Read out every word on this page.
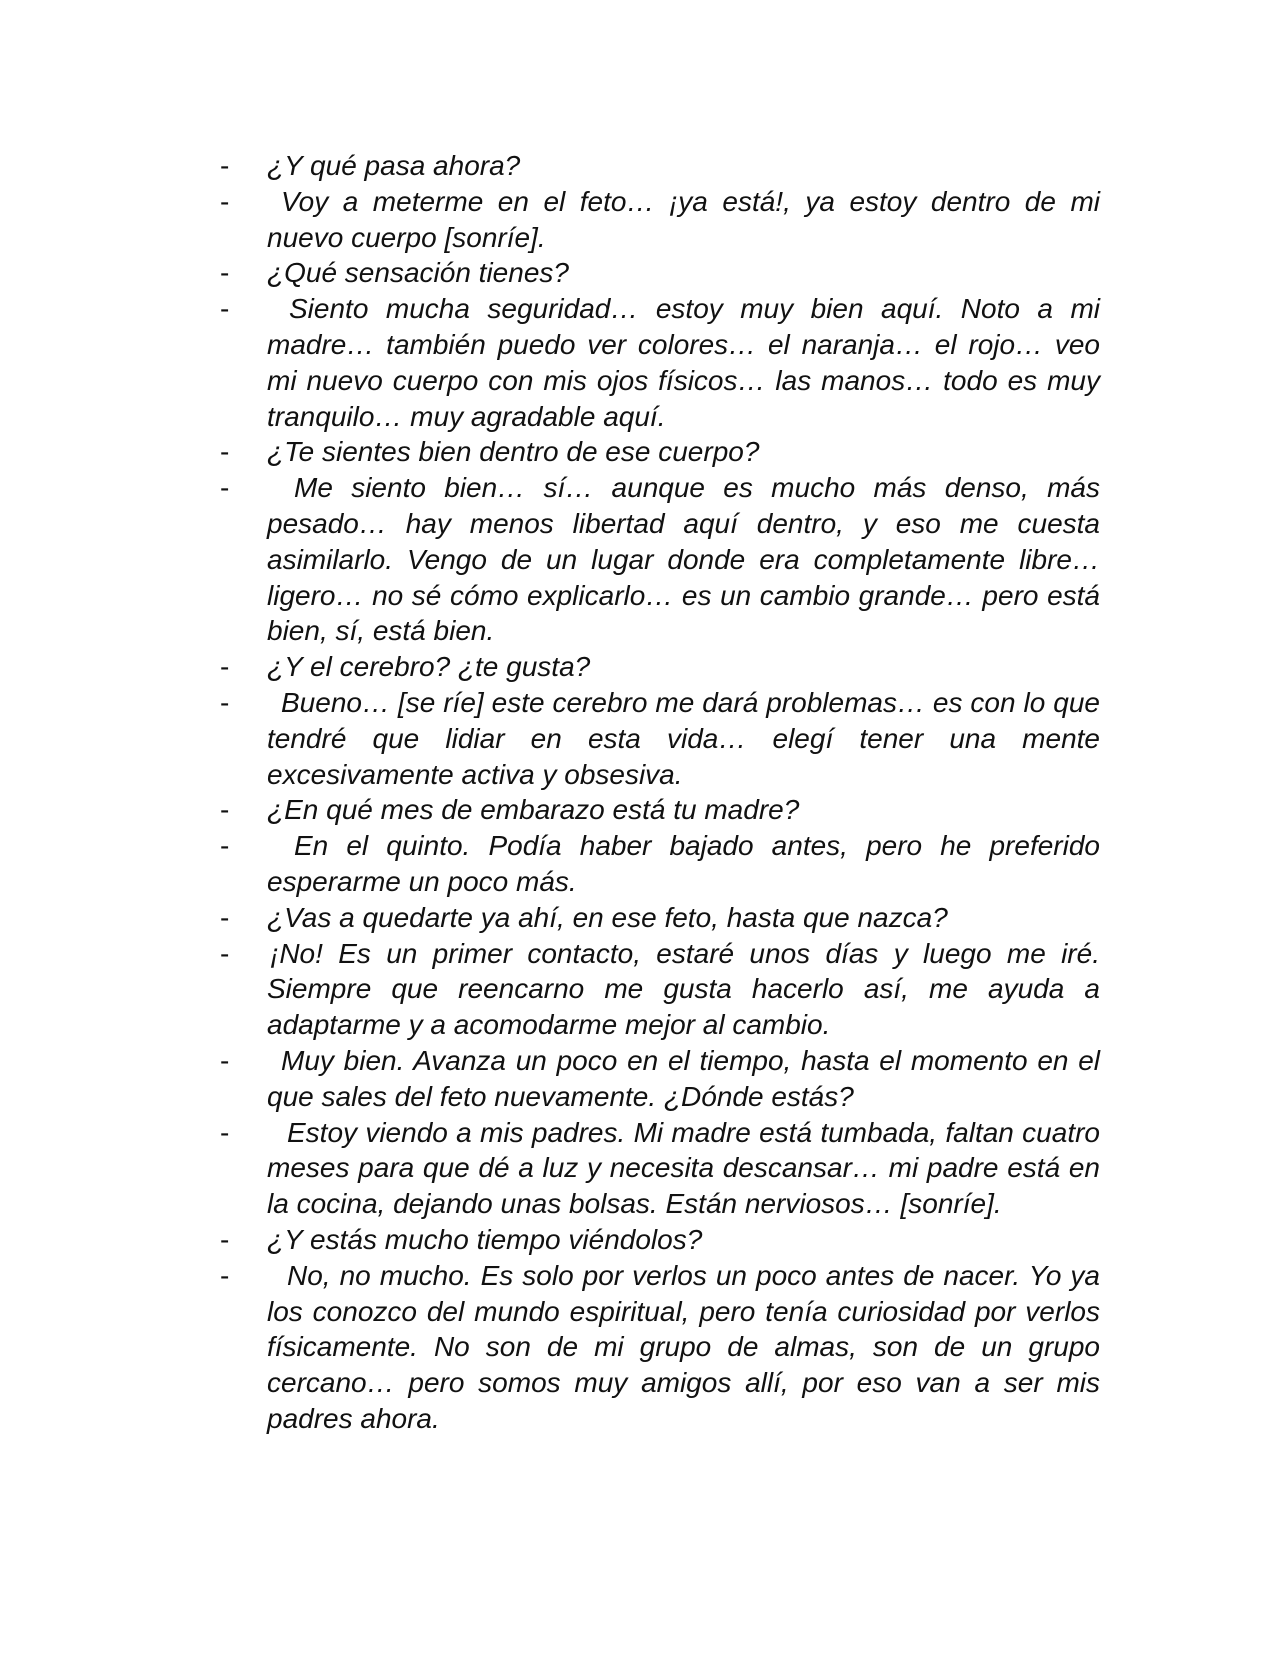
- ¿Y qué pasa ahora?
-	Voy a meterme en el feto… ¡ya está!, ya estoy dentro de mi nuevo cuerpo [sonríe].
- ¿Qué sensación tienes?
-	Siento mucha seguridad… estoy muy bien aquí. Noto a mi madre… también puedo ver colores… el naranja… el rojo… veo mi nuevo cuerpo con mis ojos físicos… las manos… todo es muy tranquilo… muy agradable aquí.
- ¿Te sientes bien dentro de ese cuerpo?
-	Me siento bien… sí… aunque es mucho más denso, más pesado… hay menos libertad aquí dentro, y eso me cuesta asimilarlo. Vengo de un lugar donde era completamente libre… ligero… no sé cómo explicarlo… es un cambio grande… pero está bien, sí, está bien.
- ¿Y el cerebro? ¿te gusta?
-	Bueno… [se ríe] este cerebro me dará problemas… es con lo que tendré que lidiar en esta vida… elegí tener una mente excesivamente activa y obsesiva.
- ¿En qué mes de embarazo está tu madre?
-	En el quinto. Podía haber bajado antes, pero he preferido esperarme un poco más.
- ¿Vas a quedarte ya ahí, en ese feto, hasta que nazca?
- ¡No! Es un primer contacto, estaré unos días y luego me iré. Siempre que reencarno me gusta hacerlo así, me ayuda a adaptarme y a acomodarme mejor al cambio.
-	Muy bien. Avanza un poco en el tiempo, hasta el momento en el que sales del feto nuevamente. ¿Dónde estás?
-	Estoy viendo a mis padres. Mi madre está tumbada, faltan cuatro meses para que dé a luz y necesita descansar… mi padre está en la cocina, dejando unas bolsas. Están nerviosos… [sonríe].
- ¿Y estás mucho tiempo viéndolos?
-	No, no mucho. Es solo por verlos un poco antes de nacer. Yo ya los conozco del mundo espiritual, pero tenía curiosidad por verlos físicamente. No son de mi grupo de almas, son de un grupo cercano… pero somos muy amigos allí, por eso van a ser mis padres ahora.
